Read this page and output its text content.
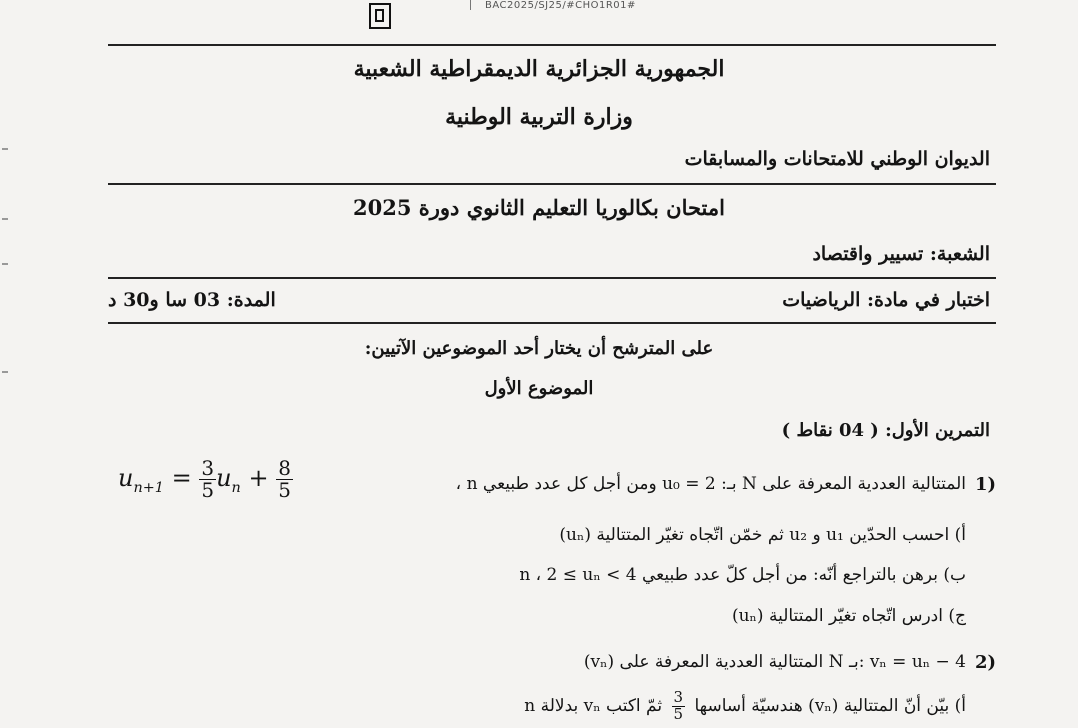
BAC2025/SJ25/#CHO1R01#
الجمهورية الجزائرية الديمقراطية الشعبية
وزارة التربية الوطنية
الديوان الوطني للامتحانات والمسابقات
امتحان بكالوريا التعليم الثانوي دورة 2025
الشعبة: تسيير واقتصاد
اختبار في مادة: الرياضيات
المدة: 03 سا و30 د
على المترشح أن يختار أحد الموضوعين الآتيين:
الموضوع الأول
التمرين الأول: ( 04 نقاط )
1)
المتتالية العددية المعرفة على N بـ: u₀ = 2 ومن أجل كل عدد طبيعي n ،
$u_{n+1} = \frac{3}{5} u_n + \frac{8}{5}$
أ) احسب الحدّين u₁ و u₂ ثم خمّن اتّجاه تغيّر المتتالية (uₙ)
ب) برهن بالتراجع أنّه: من أجل كلّ عدد طبيعي n ، 2 ≤ uₙ < 4
ج) ادرس اتّجاه تغيّر المتتالية (uₙ)
2)
(vₙ) المتتالية العددية المعرفة على N بـ: vₙ = uₙ − 4
أ) بيّن أنّ المتتالية (vₙ) هندسيّة أساسها
$\frac{3}{5}$
ثمّ اكتب vₙ بدلالة n
